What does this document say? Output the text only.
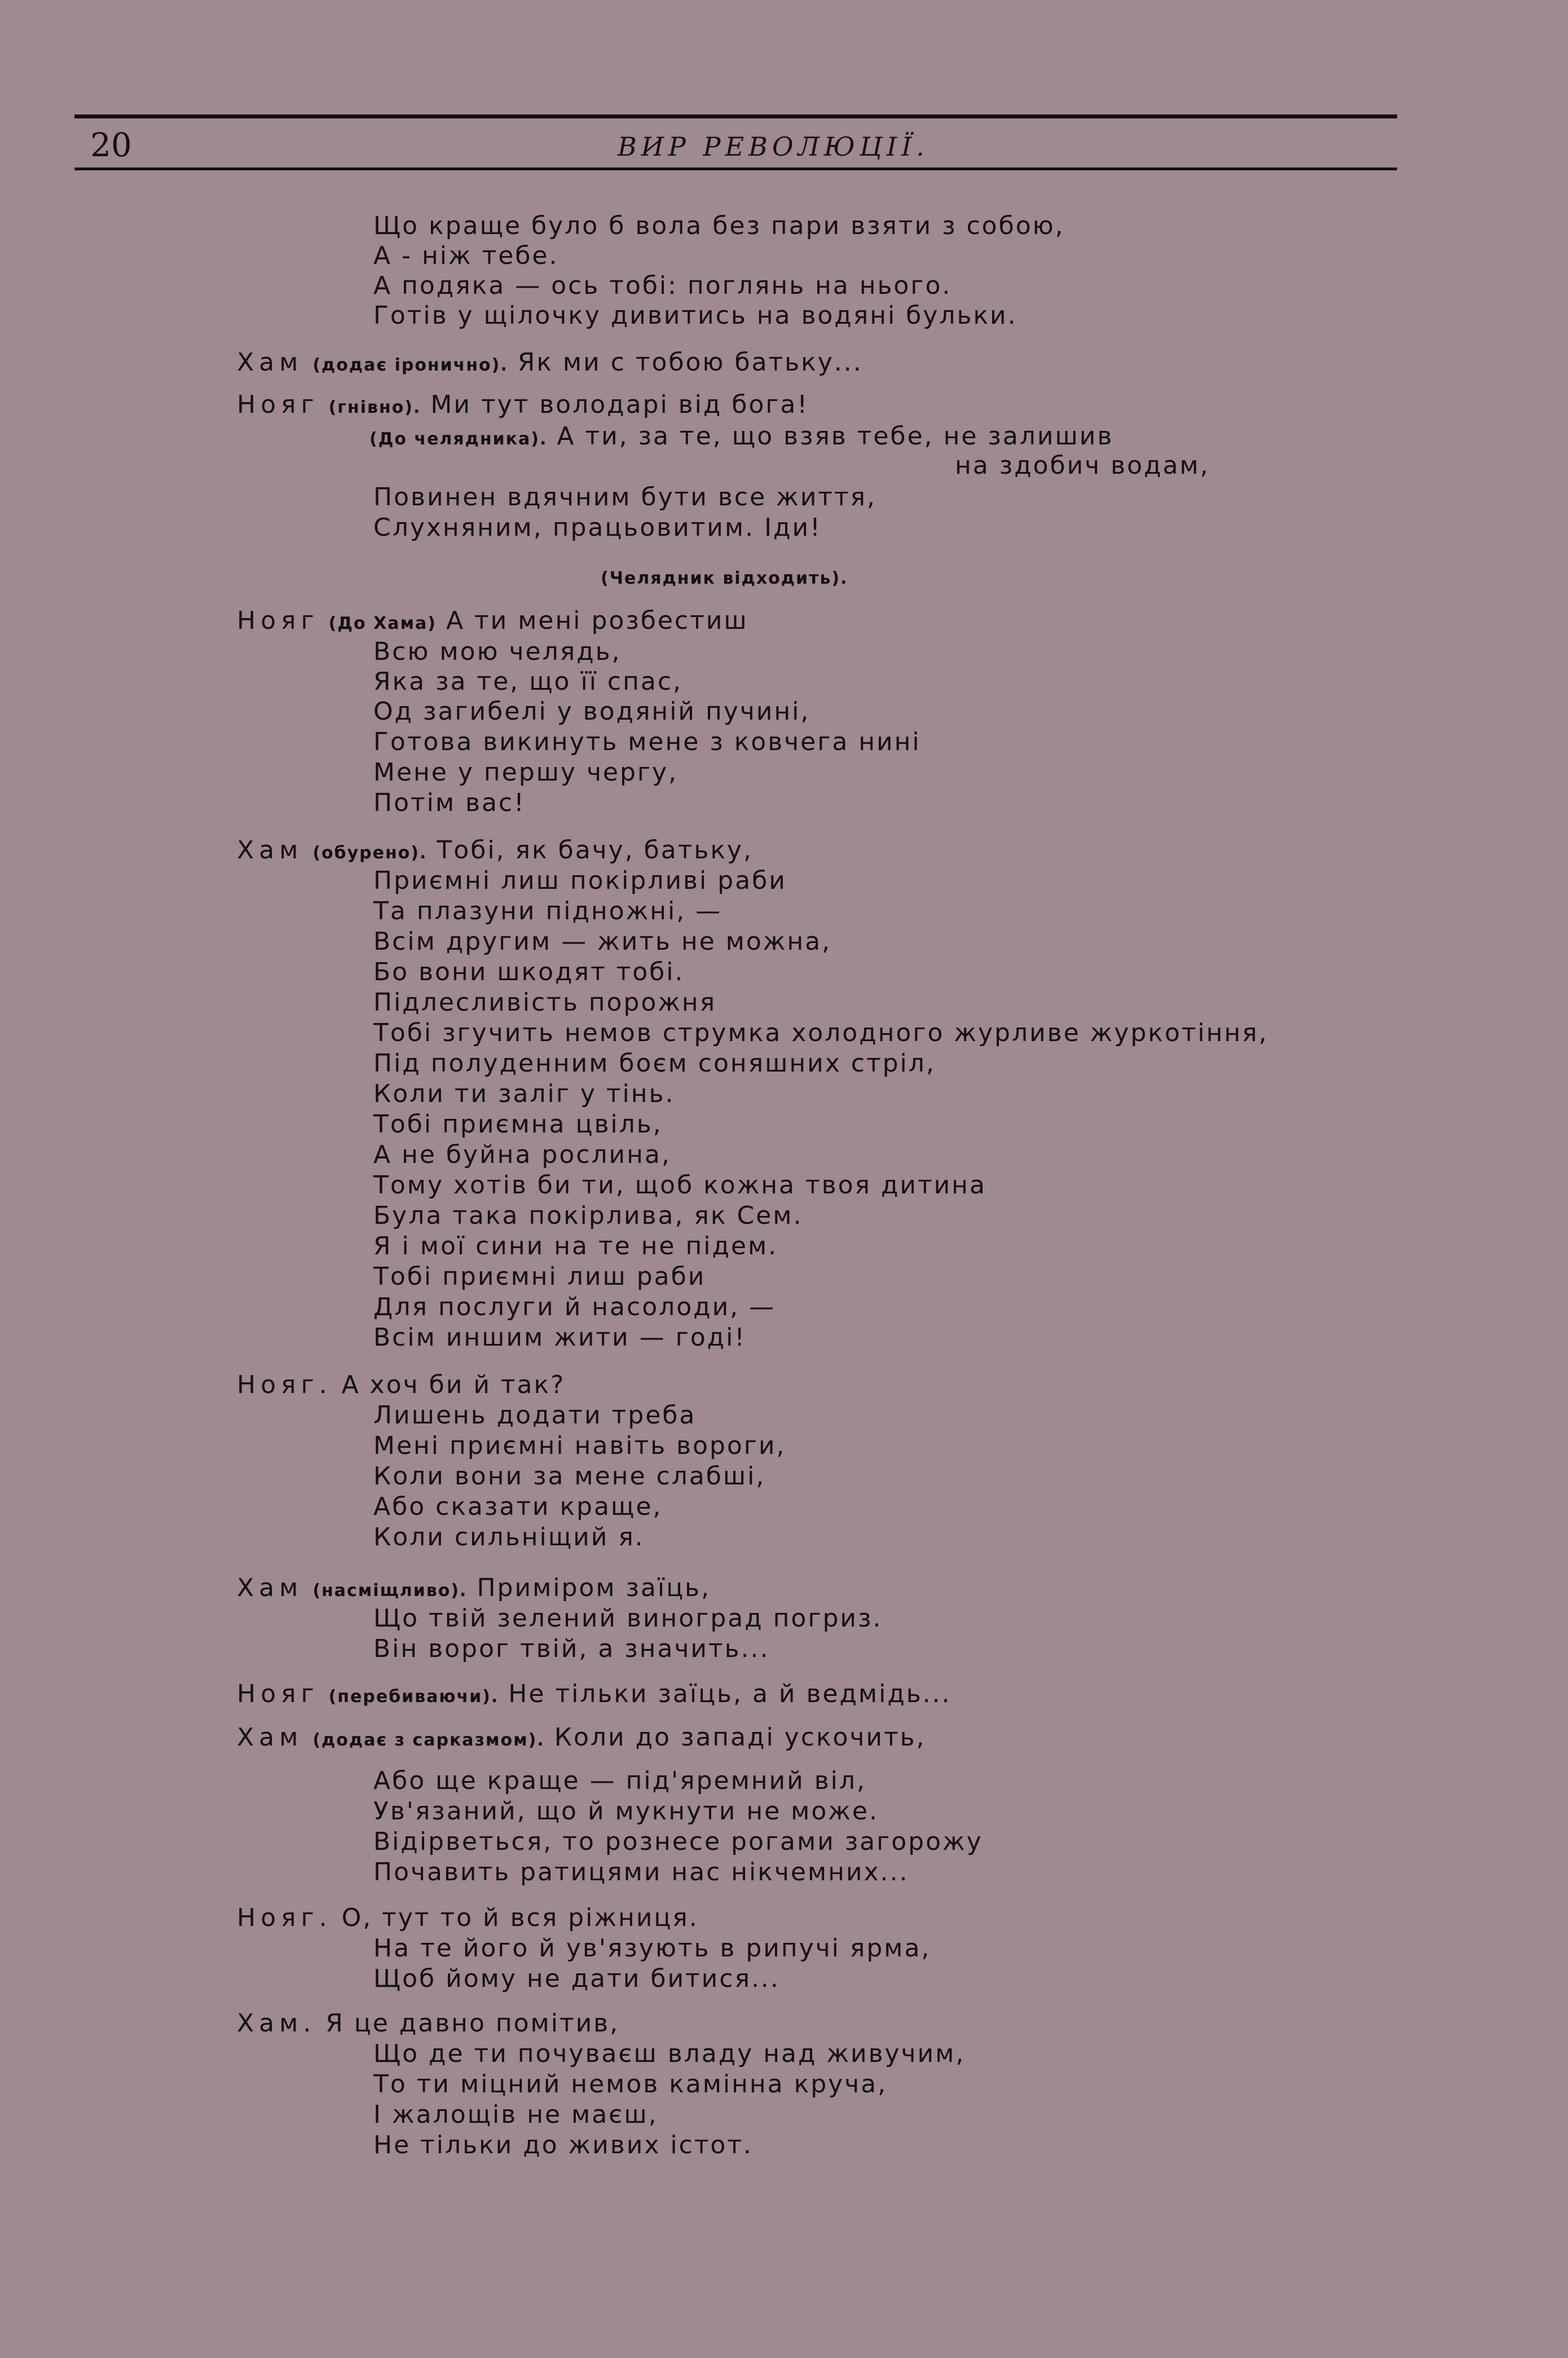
20	ВИР РЕВОЛЮЦІЇ.
Що краще було б вола без пари взяти з собою,
А - ніж тебе.
А подяка — ось тобі: поглянь на нього.
Готів у щілочку дивитись на водяні бульки.
Хам (додає іронично). Як ми с тобою батьку...
Нояг (гнівно). Ми тут володарі від бога!
(До челядника). А ти, за те, що взяв тебе, не залишив
на здобич водам,
Повинен вдячним бути все життя,
Слухняним, працьовитим. Іди!
(Челядник відходить).
Нояг (До Хама) А ти мені розбестиш
Всю мою челядь,
Яка за те, що її спас,
Од загибелі у водяній пучині,
Готова викинуть мене з ковчега нині
Мене у першу чергу,
Потім вас!
Хам (обурено). Тобі, як бачу, батьку,
Приємні лиш покірливі раби
Та плазуни підножні, —
Всім другим — жить не можна,
Бо вони шкодят тобі.
Підлесливість порожня
Тобі згучить немов струмка холодного журливе журкотіння,
Під полуденним боєм соняшних стріл,
Коли ти заліг у тінь.
Тобі приємна цвіль,
А не буйна рослина,
Тому хотів би ти, щоб кожна твоя дитина
Була така покірлива, як Сем.
Я і мої сини на те не підем.
Тобі приємні лиш раби
Для послуги й насолоди, —
Всім иншим жити — годі!
Нояг. А хоч би й так?
Лишень додати треба
Мені приємні навіть вороги,
Коли вони за мене слабші,
Або сказати краще,
Коли сильніщий я.
Хам (насміщливо). Приміром заїць,
Що твій зелений виноград погриз.
Він ворог твій, а значить...
Нояг (перебиваючи). Не тільки заїць, а й ведмідь...
Хам (додає з сарказмом). Коли до западі ускочить,
Або ще краще — під'яремний віл,
Ув'язаний, що й мукнути не може.
Відірветься, то рознесе рогами загорожу
Почавить ратицями нас нікчемних...
Нояг. О, тут то й вся ріжниця.
На те його й ув'язують в рипучі ярма,
Щоб йому не дати битися...
Хам. Я це давно помітив,
Що де ти почуваєш владу над живучим,
То ти міцний немов камінна круча,
І жалощів не маєш,
Не тільки до живих істот.
